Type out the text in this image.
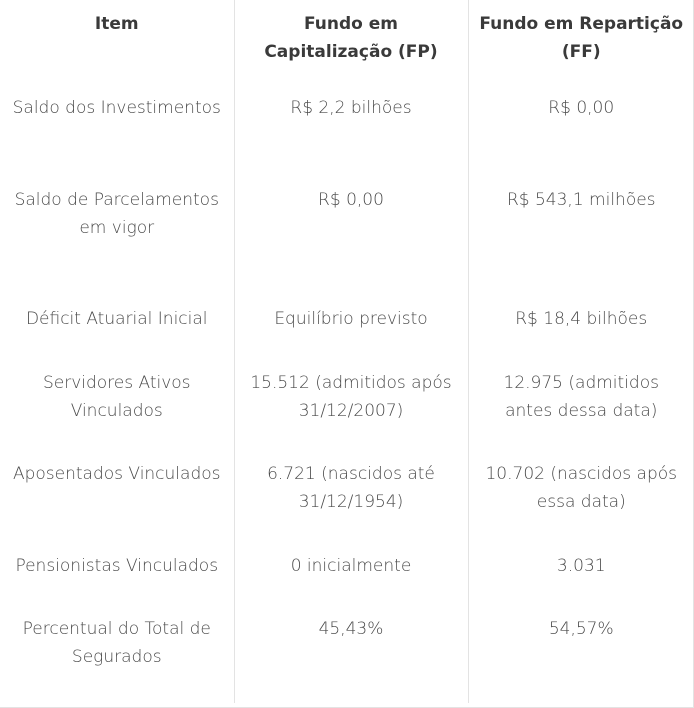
Item	Fundo em Capitalização (FP)	Fundo em Repartição (FF)
Saldo dos Investimentos	R$ 2,2 bilhões	R$ 0,00
Saldo de Parcelamentos em vigor	R$ 0,00	R$ 543,1 milhões
Déficit Atuarial Inicial	Equilíbrio previsto	R$ 18,4 bilhões
Servidores Ativos Vinculados	15.512 (admitidos após 31/12/2007)	12.975 (admitidos antes dessa data)
Aposentados Vinculados	6.721 (nascidos até 31/12/1954)	10.702 (nascidos após essa data)
Pensionistas Vinculados	0 inicialmente	3.031
Percentual do Total de Segurados	45,43%	54,57%
